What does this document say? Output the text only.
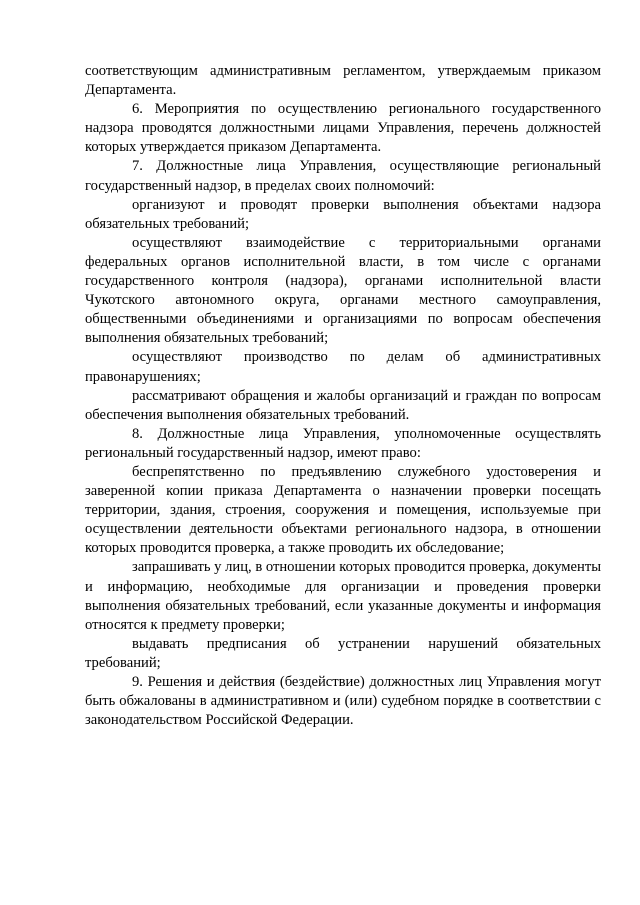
соответствующим административным регламентом, утверждаемым приказом Департамента.

6. Мероприятия по осуществлению регионального государственного надзора проводятся должностными лицами Управления, перечень должностей которых утверждается приказом Департамента.

7. Должностные лица Управления, осуществляющие региональный государственный надзор, в пределах своих полномочий:

организуют и проводят проверки выполнения объектами надзора обязательных требований;

осуществляют взаимодействие с территориальными органами федеральных органов исполнительной власти, в том числе с органами государственного контроля (надзора), органами исполнительной власти Чукотского автономного округа, органами местного самоуправления, общественными объединениями и организациями по вопросам обеспечения выполнения обязательных требований;

осуществляют производство по делам об административных правонарушениях;

рассматривают обращения и жалобы организаций и граждан по вопросам обеспечения выполнения обязательных требований.

8. Должностные лица Управления, уполномоченные осуществлять региональный государственный надзор, имеют право:

беспрепятственно по предъявлению служебного удостоверения и заверенной копии приказа Департамента о назначении проверки посещать территории, здания, строения, сооружения и помещения, используемые при осуществлении деятельности объектами регионального надзора, в отношении которых проводится проверка, а также проводить их обследование;

запрашивать у лиц, в отношении которых проводится проверка, документы и информацию, необходимые для организации и проведения проверки выполнения обязательных требований, если указанные документы и информация относятся к предмету проверки;

выдавать предписания об устранении нарушений обязательных требований;

9. Решения и действия (бездействие) должностных лиц Управления могут быть обжалованы в административном и (или) судебном порядке в соответствии с законодательством Российской Федерации.
